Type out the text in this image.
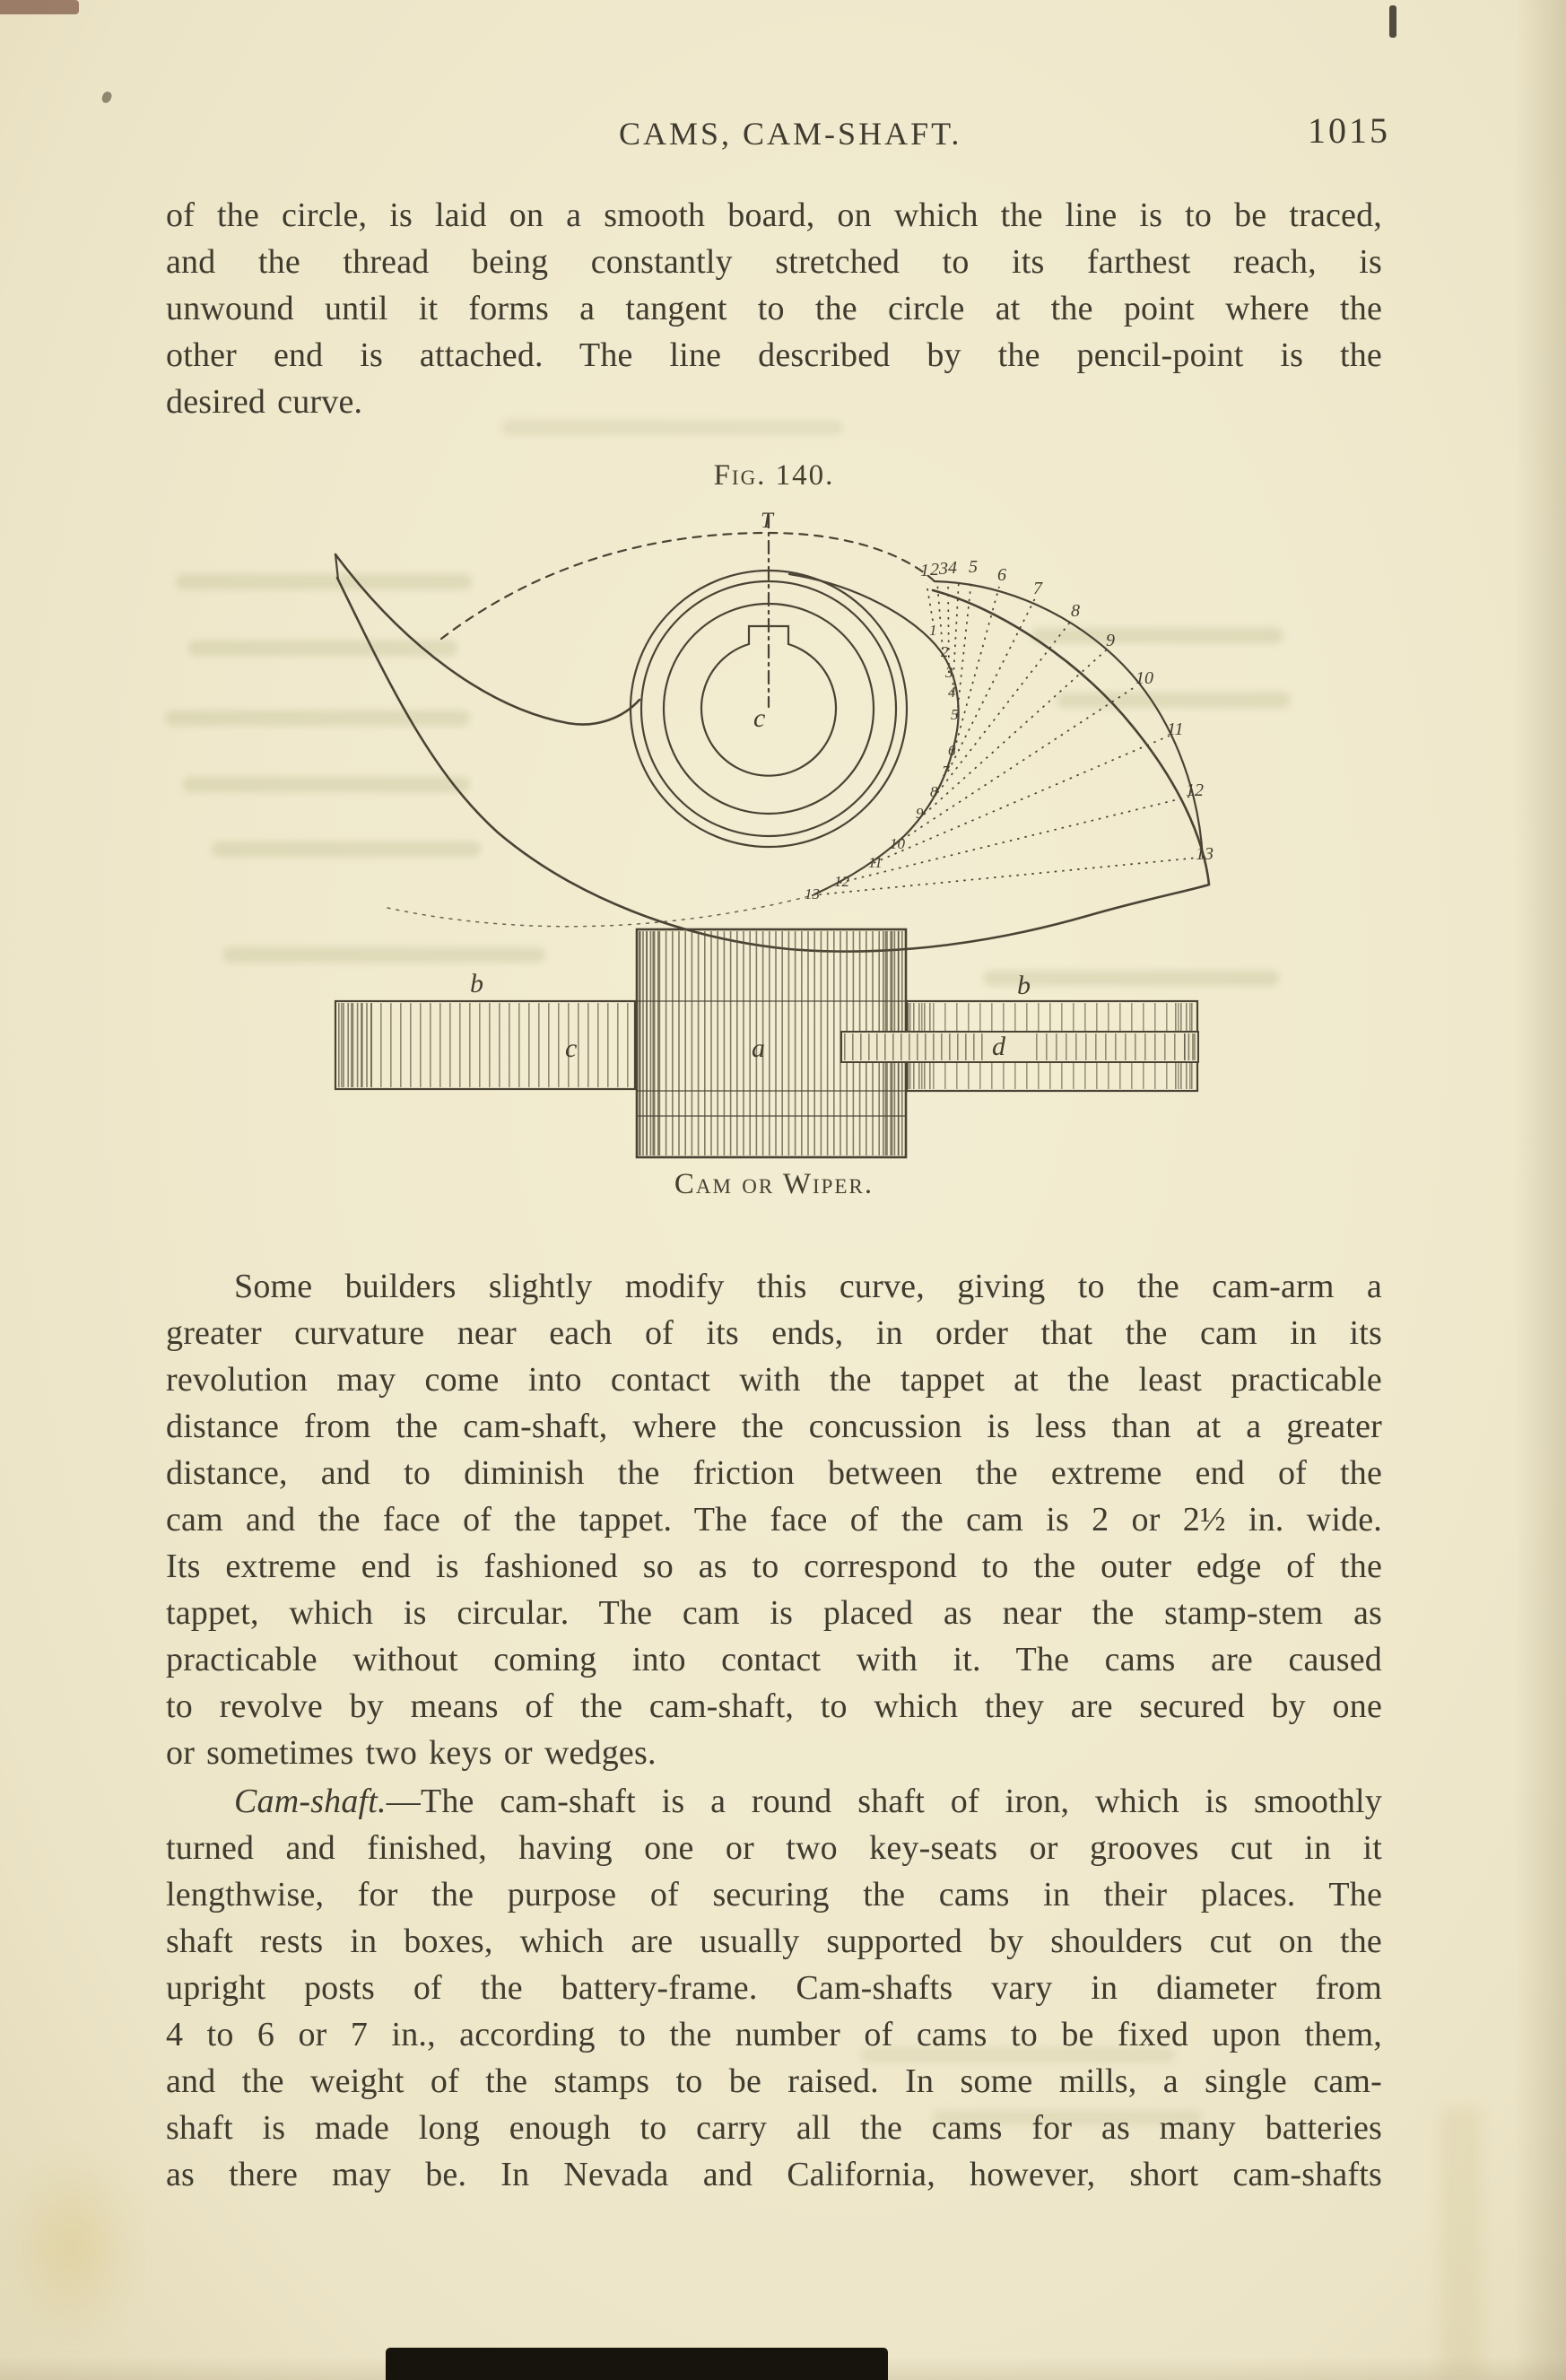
CAMS, CAM-SHAFT.	1015
of the circle, is laid on a smooth board, on which the line is to be traced,
and the thread being constantly stretched to its farthest reach, is
unwound until it forms a tangent to the circle at the point where the
other end is attached. The line described by the pencil-point is the
desired curve.
Fig. 140.
T
c
1 2 3 4 5 6
7
8
9
10
11
12
13
1
2
3
4
5
6
7
8
9
10
11
12
13
b
c	a
b
d
Cam or Wiper.
Some builders slightly modify this curve, giving to the cam-arm a
greater curvature near each of its ends, in order that the cam in its
revolution may come into contact with the tappet at the least practicable
distance from the cam-shaft, where the concussion is less than at a greater
distance, and to diminish the friction between the extreme end of the
cam and the face of the tappet. The face of the cam is 2 or 2½ in. wide.
Its extreme end is fashioned so as to correspond to the outer edge of the
tappet, which is circular. The cam is placed as near the stamp-stem as
practicable without coming into contact with it. The cams are caused
to revolve by means of the cam-shaft, to which they are secured by one
or sometimes two keys or wedges.
Cam-shaft.—The cam-shaft is a round shaft of iron, which is smoothly
turned and finished, having one or two key-seats or grooves cut in it
lengthwise, for the purpose of securing the cams in their places. The
shaft rests in boxes, which are usually supported by shoulders cut on the
upright posts of the battery-frame. Cam-shafts vary in diameter from
4 to 6 or 7 in., according to the number of cams to be fixed upon them,
and the weight of the stamps to be raised. In some mills, a single cam-
shaft is made long enough to carry all the cams for as many batteries
as there may be. In Nevada and California, however, short cam-shafts
